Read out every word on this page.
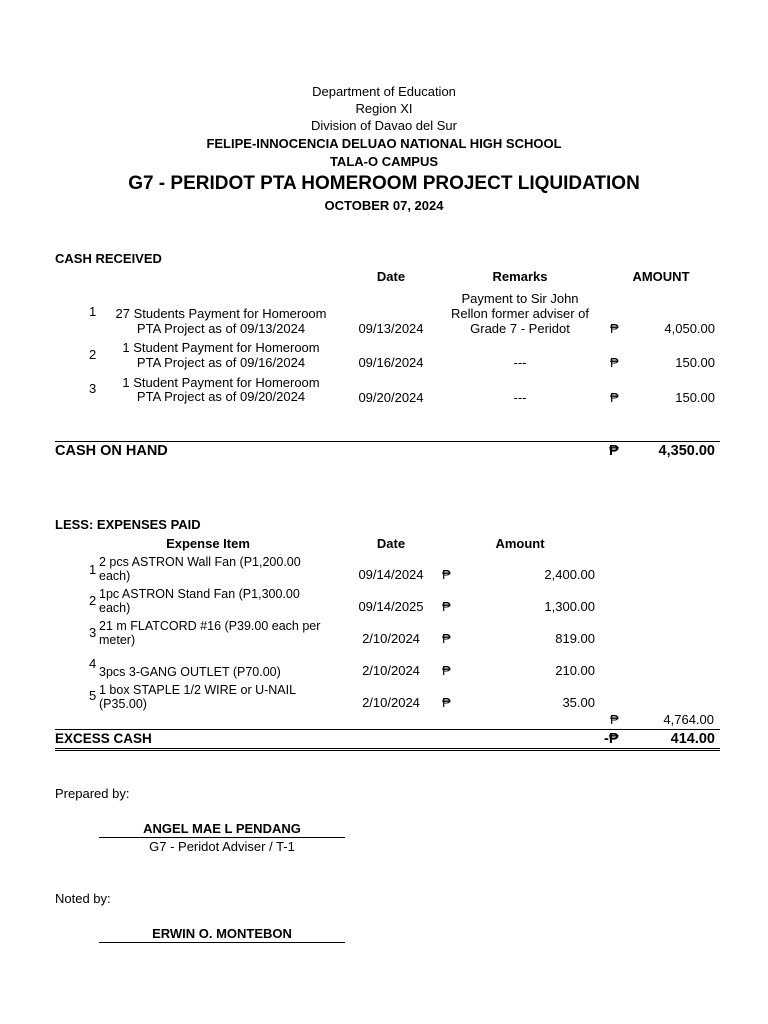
Department of Education
Region XI
Division of Davao del Sur
FELIPE-INNOCENCIA DELUAO NATIONAL HIGH SCHOOL
TALA-O CAMPUS
G7 - PERIDOT PTA HOMEROOM PROJECT LIQUIDATION
OCTOBER 07, 2024
CASH RECEIVED
Date	Remarks	AMOUNT
1	27 Students Payment for Homeroom
PTA Project as of 09/13/2024	09/13/2024
Payment to Sir John
Rellon former adviser of
Grade 7 - Peridot	₱	4,050.00
2	1 Student Payment for Homeroom
PTA Project as of 09/16/2024	09/16/2024	---	₱	150.00
3	1 Student Payment for Homeroom
PTA Project as of 09/20/2024	09/20/2024	---	₱	150.00
CASH ON HAND	₱	4,350.00
LESS: EXPENSES PAID
Expense Item	Date	Amount
1 2 pcs ASTRON Wall Fan (P1,200.00
each)	09/14/2024	₱	2,400.00
2 1pc ASTRON Stand Fan (P1,300.00
each)	09/14/2025	₱	1,300.00
3 21 m FLATCORD #16 (P39.00 each per
meter)	2/10/2024	₱	819.00
4
3pcs 3-GANG OUTLET (P70.00)	2/10/2024	₱	210.00
5 1 box STAPLE 1/2 WIRE or U-NAIL
(P35.00)	2/10/2024	₱	35.00
₱	4,764.00
EXCESS CASH	-₱	414.00
Prepared by:
ANGEL MAE L PENDANG
G7 - Peridot Adviser / T-1
Noted by:
ERWIN O. MONTEBON
